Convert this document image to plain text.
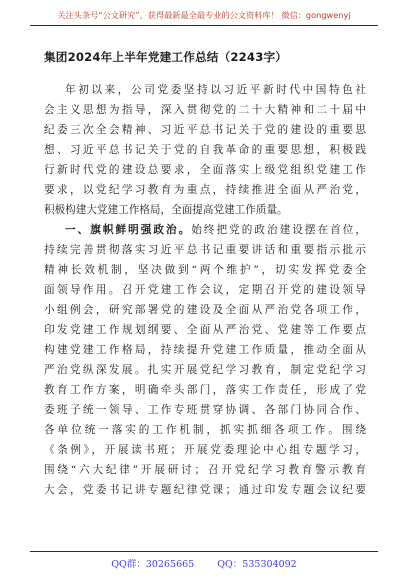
关注头条号“公文研究”，获得最新最全最专业的公文资料库！ 微信：gongwenyj
集团2024年上半年党建工作总结（2243字）
年初以来，公司党委坚持以习近平新时代中国特色社
会主义思想为指导，深入贯彻党的二十大精神和二十届中
纪委三次全会精神、习近平总书记关于党的建设的重要思
想、习近平总书记关于党的自我革命的重要思想，积极践
行新时代党的建设总要求，全面落实上级党组织党建工作
要求，以党纪学习教育为重点，持续推进全面从严治党，
积极构建大党建工作格局，全面提高党建工作质量。
一、旗帜鲜明强政治。始终把党的政治建设摆在首位，
持续完善贯彻落实习近平总书记重要讲话和重要指示批示
精神长效机制，坚决做到“两个维护”，切实发挥党委全
面领导作用。召开党建工作会议，定期召开党的建设领导
小组例会，研究部署党的建设及全面从严治党各项工作，
印发党建工作规划纲要、全面从严治党、党建等工作要点
构建党建工作格局，持续提升党建工作质量，推动全面从
严治党纵深发展。扎实开展党纪学习教育，制定党纪学习
教育工作方案，明确牵头部门，落实工作责任，形成了党
委班子统一领导、工作专班贯穿协调、各部门协同合作、
各单位统一落实的工作机制，抓实抓细各项工作。围绕
《条例》，开展读书班；开展党委理论中心组专题学习，
围绕“六大纪律”开展研讨；召开党纪学习教育警示教育
大会，党委书记讲专题纪律党课；通过印发专题会议纪要
QQ群：30265665 QQ：535304092
